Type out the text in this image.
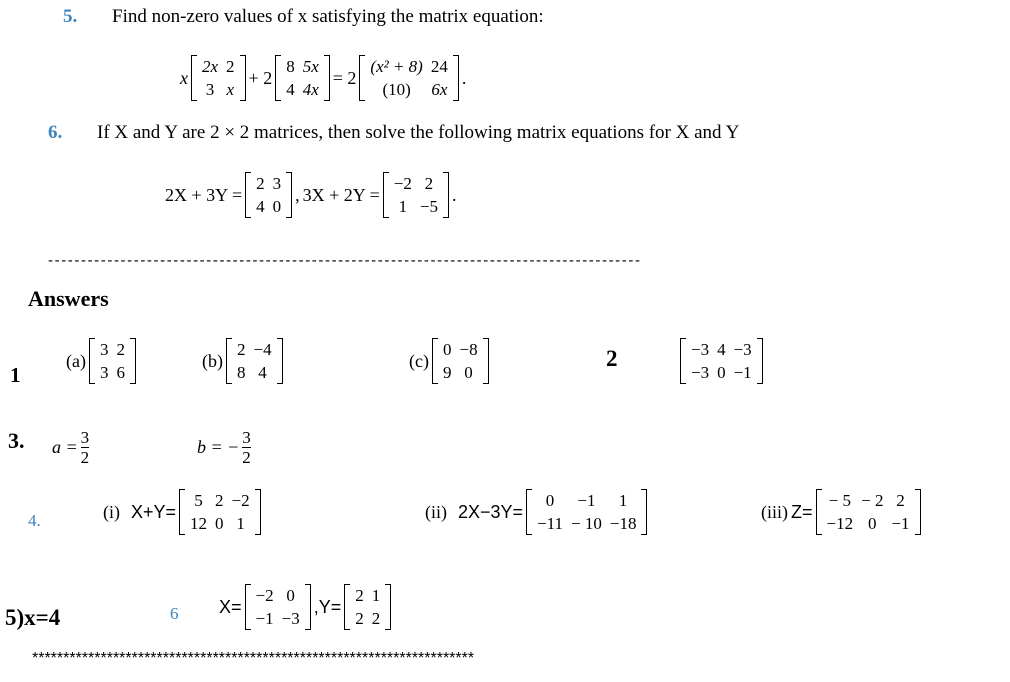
5. Find non-zero values of x satisfying the matrix equation:
x
2x	2
3	x
+ 2
8	5x
4	4x
= 2
(x² + 8)	24
(10)	6x
.
6. If X and Y are 2 × 2 matrices, then solve the following matrix equations for X and Y
2X + 3Y =
2	3
4	0
, 3X + 2Y =
−2	2
1	−5
.
------------------------------------------------------------------------------------------
Answers
1
(a)
3	2
3	6
(b)
2	−4
8	4
(c)
0	−8
9	0
2	−3	4	−3
−3	0	−1
3. $a = \frac{3}{2}$	b = − $\frac{3}{2}$
4.	(i) X+Y=
5	2	−2
12	0	1
(ii) 2X−3Y=
0	−1	1
−11	− 10	−18
(iii) Z=
− 5	− 2	2
−12	0	−1
5)x=4	6 X=
−2	0
−1	−3
,Y=
2	1
2	2
***********************************************************************
